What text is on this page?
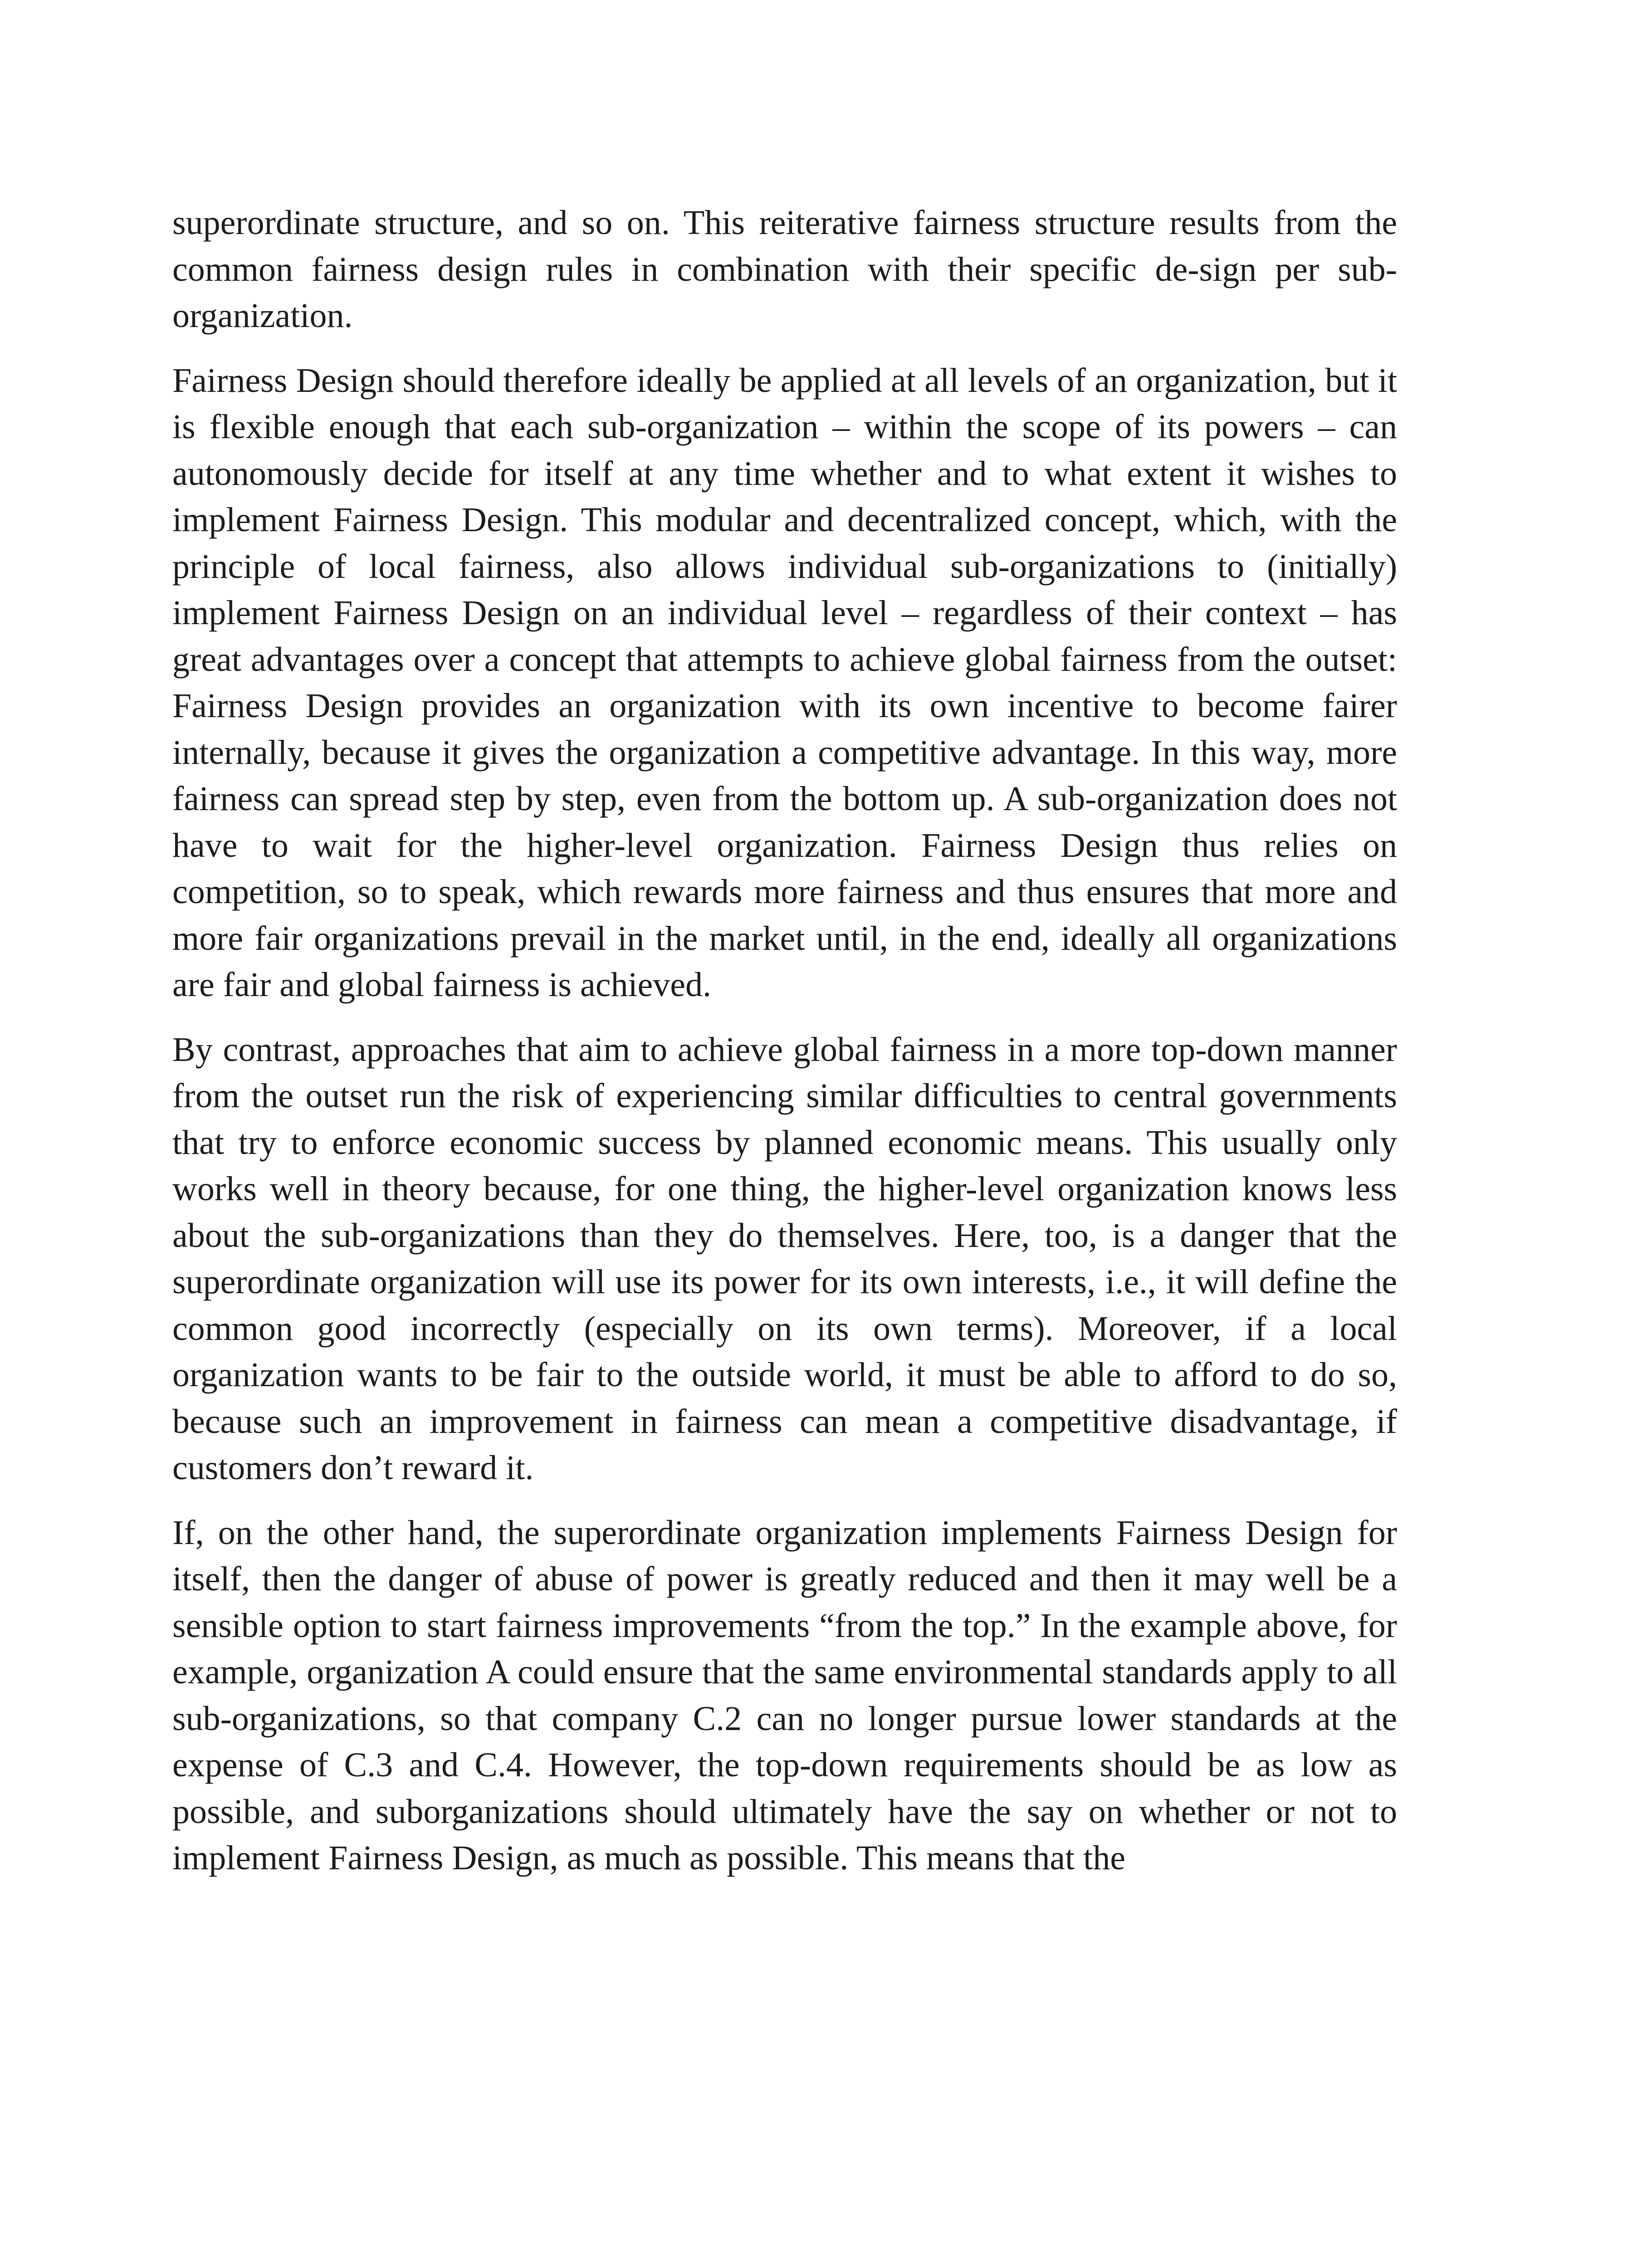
superordinate structure, and so on. This reiterative fairness structure results from the common fairness design rules in combination with their specific de-sign per sub-organization.

Fairness Design should therefore ideally be applied at all levels of an organization, but it is flexible enough that each sub-organization – within the scope of its powers – can autonomously decide for itself at any time whether and to what extent it wishes to implement Fairness Design. This modular and decentralized concept, which, with the principle of local fairness, also allows individual sub-organizations to (initially) implement Fairness Design on an individual level – regardless of their context – has great advantages over a concept that attempts to achieve global fairness from the outset: Fairness Design provides an organization with its own incentive to become fairer internally, because it gives the organization a competitive advantage. In this way, more fairness can spread step by step, even from the bottom up. A sub-organization does not have to wait for the higher-level organization. Fairness Design thus relies on competition, so to speak, which rewards more fairness and thus ensures that more and more fair organizations prevail in the market until, in the end, ideally all organizations are fair and global fairness is achieved.

By contrast, approaches that aim to achieve global fairness in a more top-down manner from the outset run the risk of experiencing similar difficulties to central governments that try to enforce economic success by planned economic means. This usually only works well in theory because, for one thing, the higher-level organization knows less about the sub-organizations than they do themselves. Here, too, is a danger that the superordinate organization will use its power for its own interests, i.e., it will define the common good incorrectly (especially on its own terms). Moreover, if a local organization wants to be fair to the outside world, it must be able to afford to do so, because such an improvement in fairness can mean a competitive disadvantage, if customers don’t reward it.

If, on the other hand, the superordinate organization implements Fairness Design for itself, then the danger of abuse of power is greatly reduced and then it may well be a sensible option to start fairness improvements “from the top.” In the example above, for example, organization A could ensure that the same environmental standards apply to all sub-organizations, so that company C.2 can no longer pursue lower standards at the expense of C.3 and C.4. However, the top-down requirements should be as low as possible, and suborganizations should ultimately have the say on whether or not to implement Fairness Design, as much as possible. This means that the
